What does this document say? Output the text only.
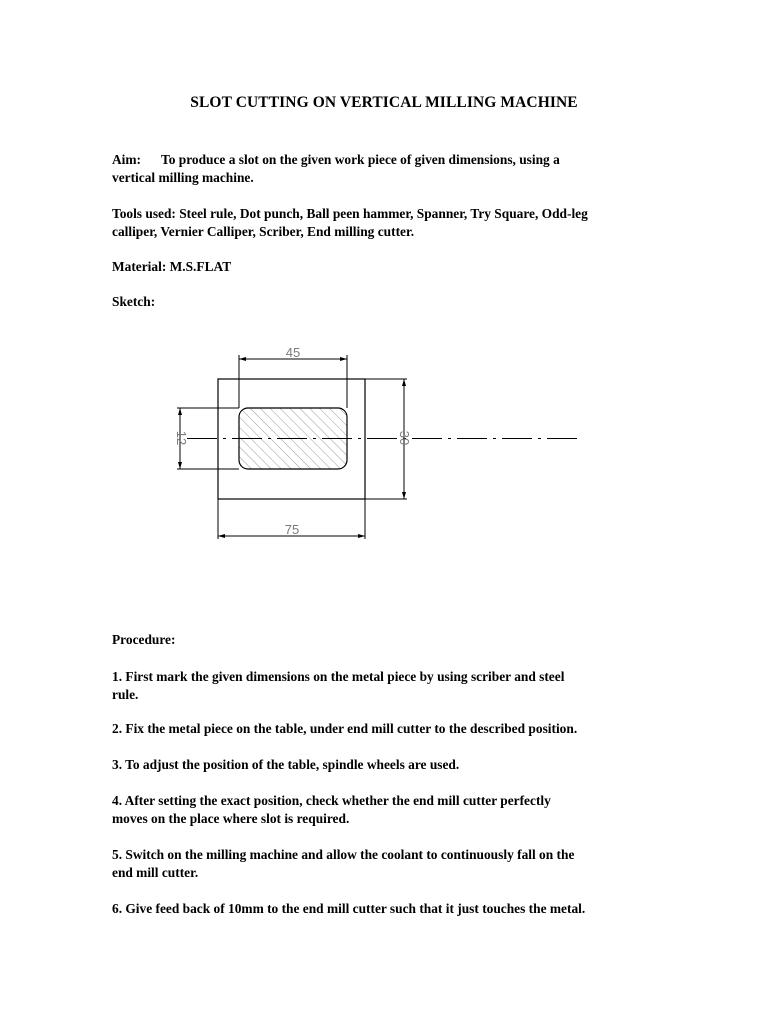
SLOT CUTTING ON VERTICAL MILLING MACHINE
Aim: To produce a slot on the given work piece of given dimensions, using a
vertical milling machine.
Tools used: Steel rule, Dot punch, Ball peen hammer, Spanner, Try Square, Odd-leg
calliper, Vernier Calliper, Scriber, End milling cutter.
Material: M.S.FLAT
Sketch:
45
12	30
75
Procedure:
1. First mark the given dimensions on the metal piece by using scriber and steel
rule.
2. Fix the metal piece on the table, under end mill cutter to the described position.
3. To adjust the position of the table, spindle wheels are used.
4. After setting the exact position, check whether the end mill cutter perfectly
moves on the place where slot is required.
5. Switch on the milling machine and allow the coolant to continuously fall on the
end mill cutter.
6. Give feed back of 10mm to the end mill cutter such that it just touches the metal.
